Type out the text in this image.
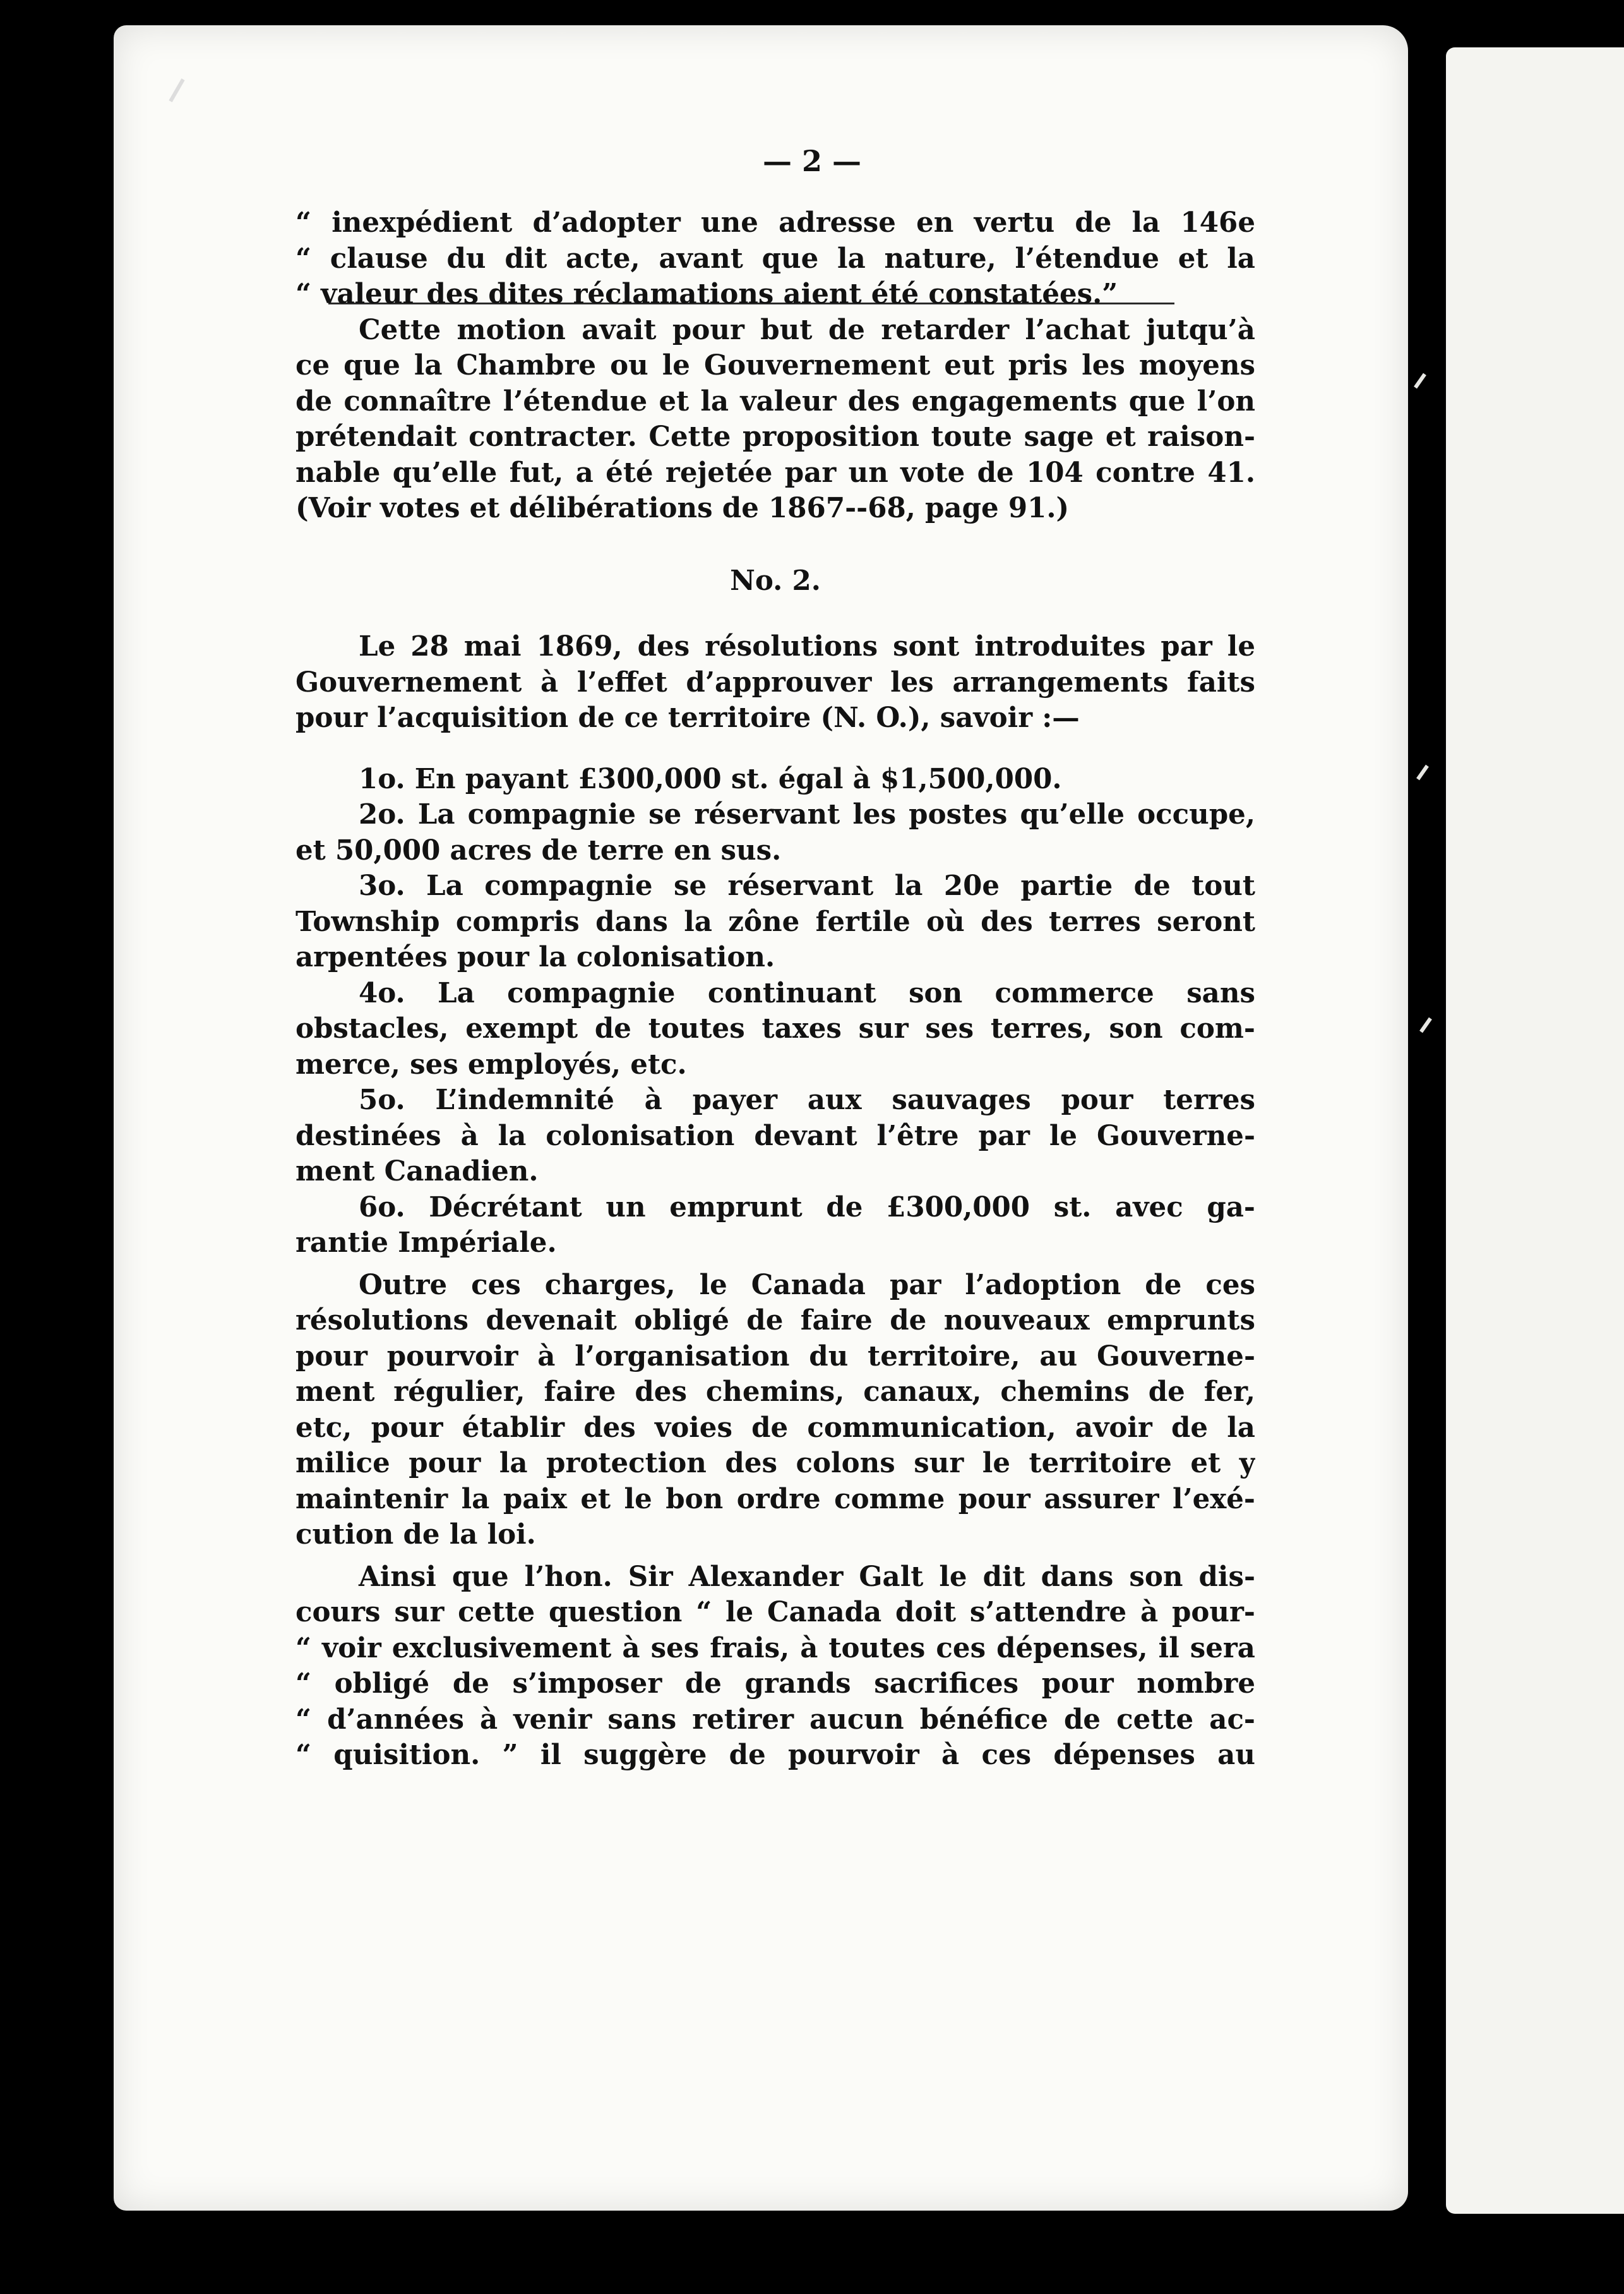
— 2 —
“ inexpédient d’adopter une adresse en vertu de la 146e
“ clause du dit acte, avant que la nature, l’étendue et la
“ valeur des dites réclamations aient été constatées.”
Cette motion avait pour but de retarder l’achat jutqu’à
ce que la Chambre ou le Gouvernement eut pris les moyens
de connaître l’étendue et la valeur des engagements que l’on
prétendait contracter. Cette proposition toute sage et raison-
nable qu’elle fut, a été rejetée par un vote de 104 contre 41.
(Voir votes et délibérations de 1867--68, page 91.)
No. 2.
Le 28 mai 1869, des résolutions sont introduites par le
Gouvernement à l’effet d’approuver les arrangements faits
pour l’acquisition de ce territoire (N. O.), savoir :—
1o. En payant £300,000 st. égal à $1,500,000.
2o. La compagnie se réservant les postes qu’elle occupe,
et 50,000 acres de terre en sus.
3o. La compagnie se réservant la 20e partie de tout
Township compris dans la zône fertile où des terres seront
arpentées pour la colonisation.
4o. La compagnie continuant son commerce sans
obstacles, exempt de toutes taxes sur ses terres, son com-
merce, ses employés, etc.
5o. L’indemnité à payer aux sauvages pour terres
destinées à la colonisation devant l’être par le Gouverne-
ment Canadien.
6o. Décrétant un emprunt de £300,000 st. avec ga-
rantie Impériale.
Outre ces charges, le Canada par l’adoption de ces
résolutions devenait obligé de faire de nouveaux emprunts
pour pourvoir à l’organisation du territoire, au Gouverne-
ment régulier, faire des chemins, canaux, chemins de fer,
etc, pour établir des voies de communication, avoir de la
milice pour la protection des colons sur le territoire et y
maintenir la paix et le bon ordre comme pour assurer l’exé-
cution de la loi.
Ainsi que l’hon. Sir Alexander Galt le dit dans son dis-
cours sur cette question “ le Canada doit s’attendre à pour-
“ voir exclusivement à ses frais, à toutes ces dépenses, il sera
“ obligé de s’imposer de grands sacrifices pour nombre
“ d’années à venir sans retirer aucun bénéfice de cette ac-
“ quisition. ” il suggère de pourvoir à ces dépenses au
